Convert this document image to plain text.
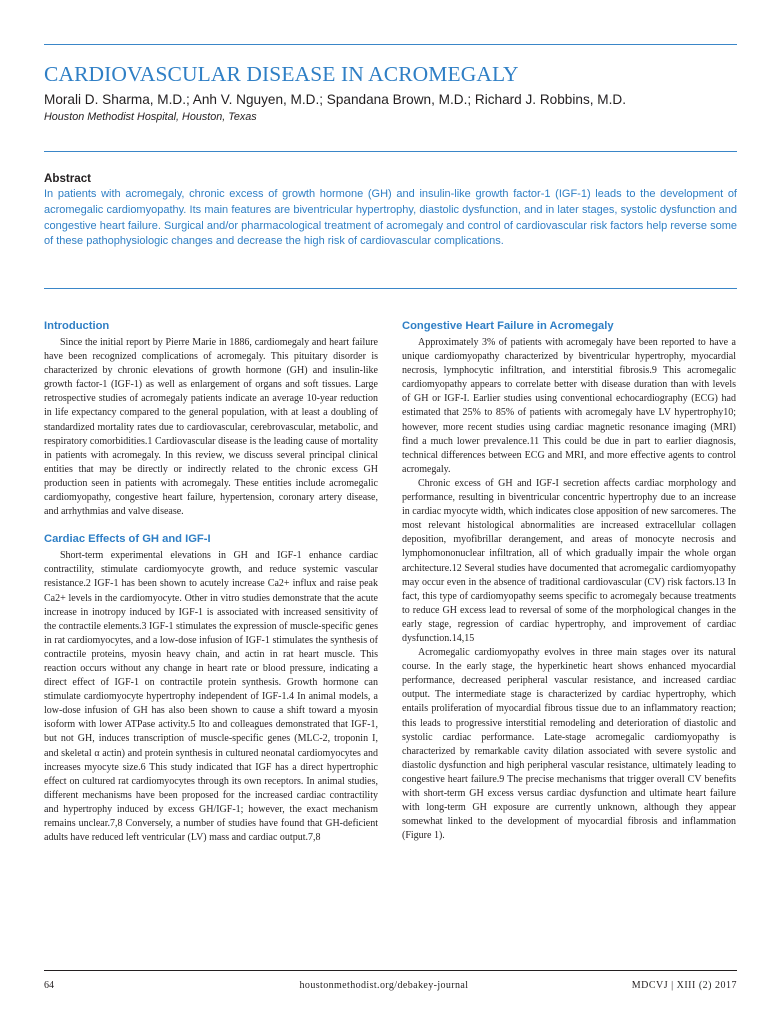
CARDIOVASCULAR DISEASE IN ACROMEGALY
Morali D. Sharma, M.D.; Anh V. Nguyen, M.D.; Spandana Brown, M.D.; Richard J. Robbins, M.D.
Houston Methodist Hospital, Houston, Texas
Abstract
In patients with acromegaly, chronic excess of growth hormone (GH) and insulin-like growth factor-1 (IGF-1) leads to the development of acromegalic cardiomyopathy. Its main features are biventricular hypertrophy, diastolic dysfunction, and in later stages, systolic dysfunction and congestive heart failure. Surgical and/or pharmacological treatment of acromegaly and control of cardiovascular risk factors help reverse some of these pathophysiologic changes and decrease the high risk of cardiovascular complications.
Introduction

Since the initial report by Pierre Marie in 1886, cardiomegaly and heart failure have been recognized complications of acromegaly. This pituitary disorder is characterized by chronic elevations of growth hormone (GH) and insulin-like growth factor-1 (IGF-1) as well as enlargement of organs and soft tissues. Large retrospective studies of acromegaly patients indicate an average 10-year reduction in life expectancy compared to the general population, with at least a doubling of standardized mortality rates due to cardiovascular, cerebrovascular, metabolic, and respiratory comorbidities.1 Cardiovascular disease is the leading cause of mortality in patients with acromegaly. In this review, we discuss several principal clinical entities that may be directly or indirectly related to the chronic excess GH production seen in patients with acromegaly. These entities include acromegalic cardiomyopathy, congestive heart failure, hypertension, coronary artery disease, and arrhythmias and valve disease.

Cardiac Effects of GH and IGF-I

Short-term experimental elevations in GH and IGF-1 enhance cardiac contractility, stimulate cardiomyocyte growth, and reduce systemic vascular resistance.2 IGF-1 has been shown to acutely increase Ca2+ influx and raise peak Ca2+ levels in the cardiomyocyte. Other in vitro studies demonstrate that the acute increase in inotropy induced by IGF-1 is associated with increased sensitivity of the contractile elements.3 IGF-1 stimulates the expression of muscle-specific genes in rat cardiomyocytes, and a low-dose infusion of IGF-1 stimulates the synthesis of contractile proteins, myosin heavy chain, and actin in rat heart muscle. This reaction occurs without any change in heart rate or blood pressure, indicating a direct effect of IGF-1 on contractile protein synthesis. Growth hormone can stimulate cardiomyocyte hypertrophy independent of IGF-1.4 In animal models, a low-dose infusion of GH has also been shown to cause a shift toward a myosin isoform with lower ATPase activity.5 Ito and colleagues demonstrated that IGF-1, but not GH, induces transcription of muscle-specific genes (MLC-2, troponin I, and skeletal α actin) and protein synthesis in cultured neonatal cardiomyocytes and increases myocyte size.6 This study indicated that IGF has a direct hypertrophic effect on cultured rat cardiomyocytes through its own receptors. In animal studies, different mechanisms have been proposed for the increased cardiac contractility and hypertrophy induced by excess GH/IGF-1; however, the exact mechanism remains unclear.7,8 Conversely, a number of studies have found that GH-deficient adults have reduced left ventricular (LV) mass and cardiac output.7,8

Congestive Heart Failure in Acromegaly

Approximately 3% of patients with acromegaly have been reported to have a unique cardiomyopathy characterized by biventricular hypertrophy, myocardial necrosis, lymphocytic infiltration, and interstitial fibrosis.9 This acromegalic cardiomyopathy appears to correlate better with disease duration than with levels of GH or IGF-I. Earlier studies using conventional echocardiography (ECG) had estimated that 25% to 85% of patients with acromegaly have LV hypertrophy10; however, more recent studies using cardiac magnetic resonance imaging (MRI) find a much lower prevalence.11 This could be due in part to earlier diagnosis, technical differences between ECG and MRI, and more effective agents to control acromegaly.

Chronic excess of GH and IGF-I secretion affects cardiac morphology and performance, resulting in biventricular concentric hypertrophy due to an increase in cardiac myocyte width, which indicates close apposition of new sarcomeres. The most relevant histological abnormalities are increased extracellular collagen deposition, myofibrillar derangement, and areas of monocyte necrosis and lymphomononuclear infiltration, all of which gradually impair the whole organ architecture.12 Several studies have documented that acromegalic cardiomyopathy may occur even in the absence of traditional cardiovascular (CV) risk factors.13 In fact, this type of cardiomyopathy seems specific to acromegaly because treatments to reduce GH excess lead to reversal of some of the morphological changes in the early stage, regression of cardiac hypertrophy, and improvement of cardiac dysfunction.14,15

Acromegalic cardiomyopathy evolves in three main stages over its natural course. In the early stage, the hyperkinetic heart shows enhanced myocardial performance, decreased peripheral vascular resistance, and increased cardiac output. The intermediate stage is characterized by cardiac hypertrophy, which entails proliferation of myocardial fibrous tissue due to an inflammatory reaction; this leads to progressive interstitial remodeling and deterioration of diastolic and systolic cardiac performance. Late-stage acromegalic cardiomyopathy is characterized by remarkable cavity dilation associated with severe systolic and diastolic dysfunction and high peripheral vascular resistance, ultimately leading to congestive heart failure.9 The precise mechanisms that trigger overall CV benefits with short-term GH excess versus cardiac dysfunction and ultimate heart failure with long-term GH exposure are currently unknown, although they appear somewhat linked to the development of myocardial fibrosis and inflammation (Figure 1).

64	houstonmethodist.org/debakey-journal	MDCVJ | XIII (2) 2017
